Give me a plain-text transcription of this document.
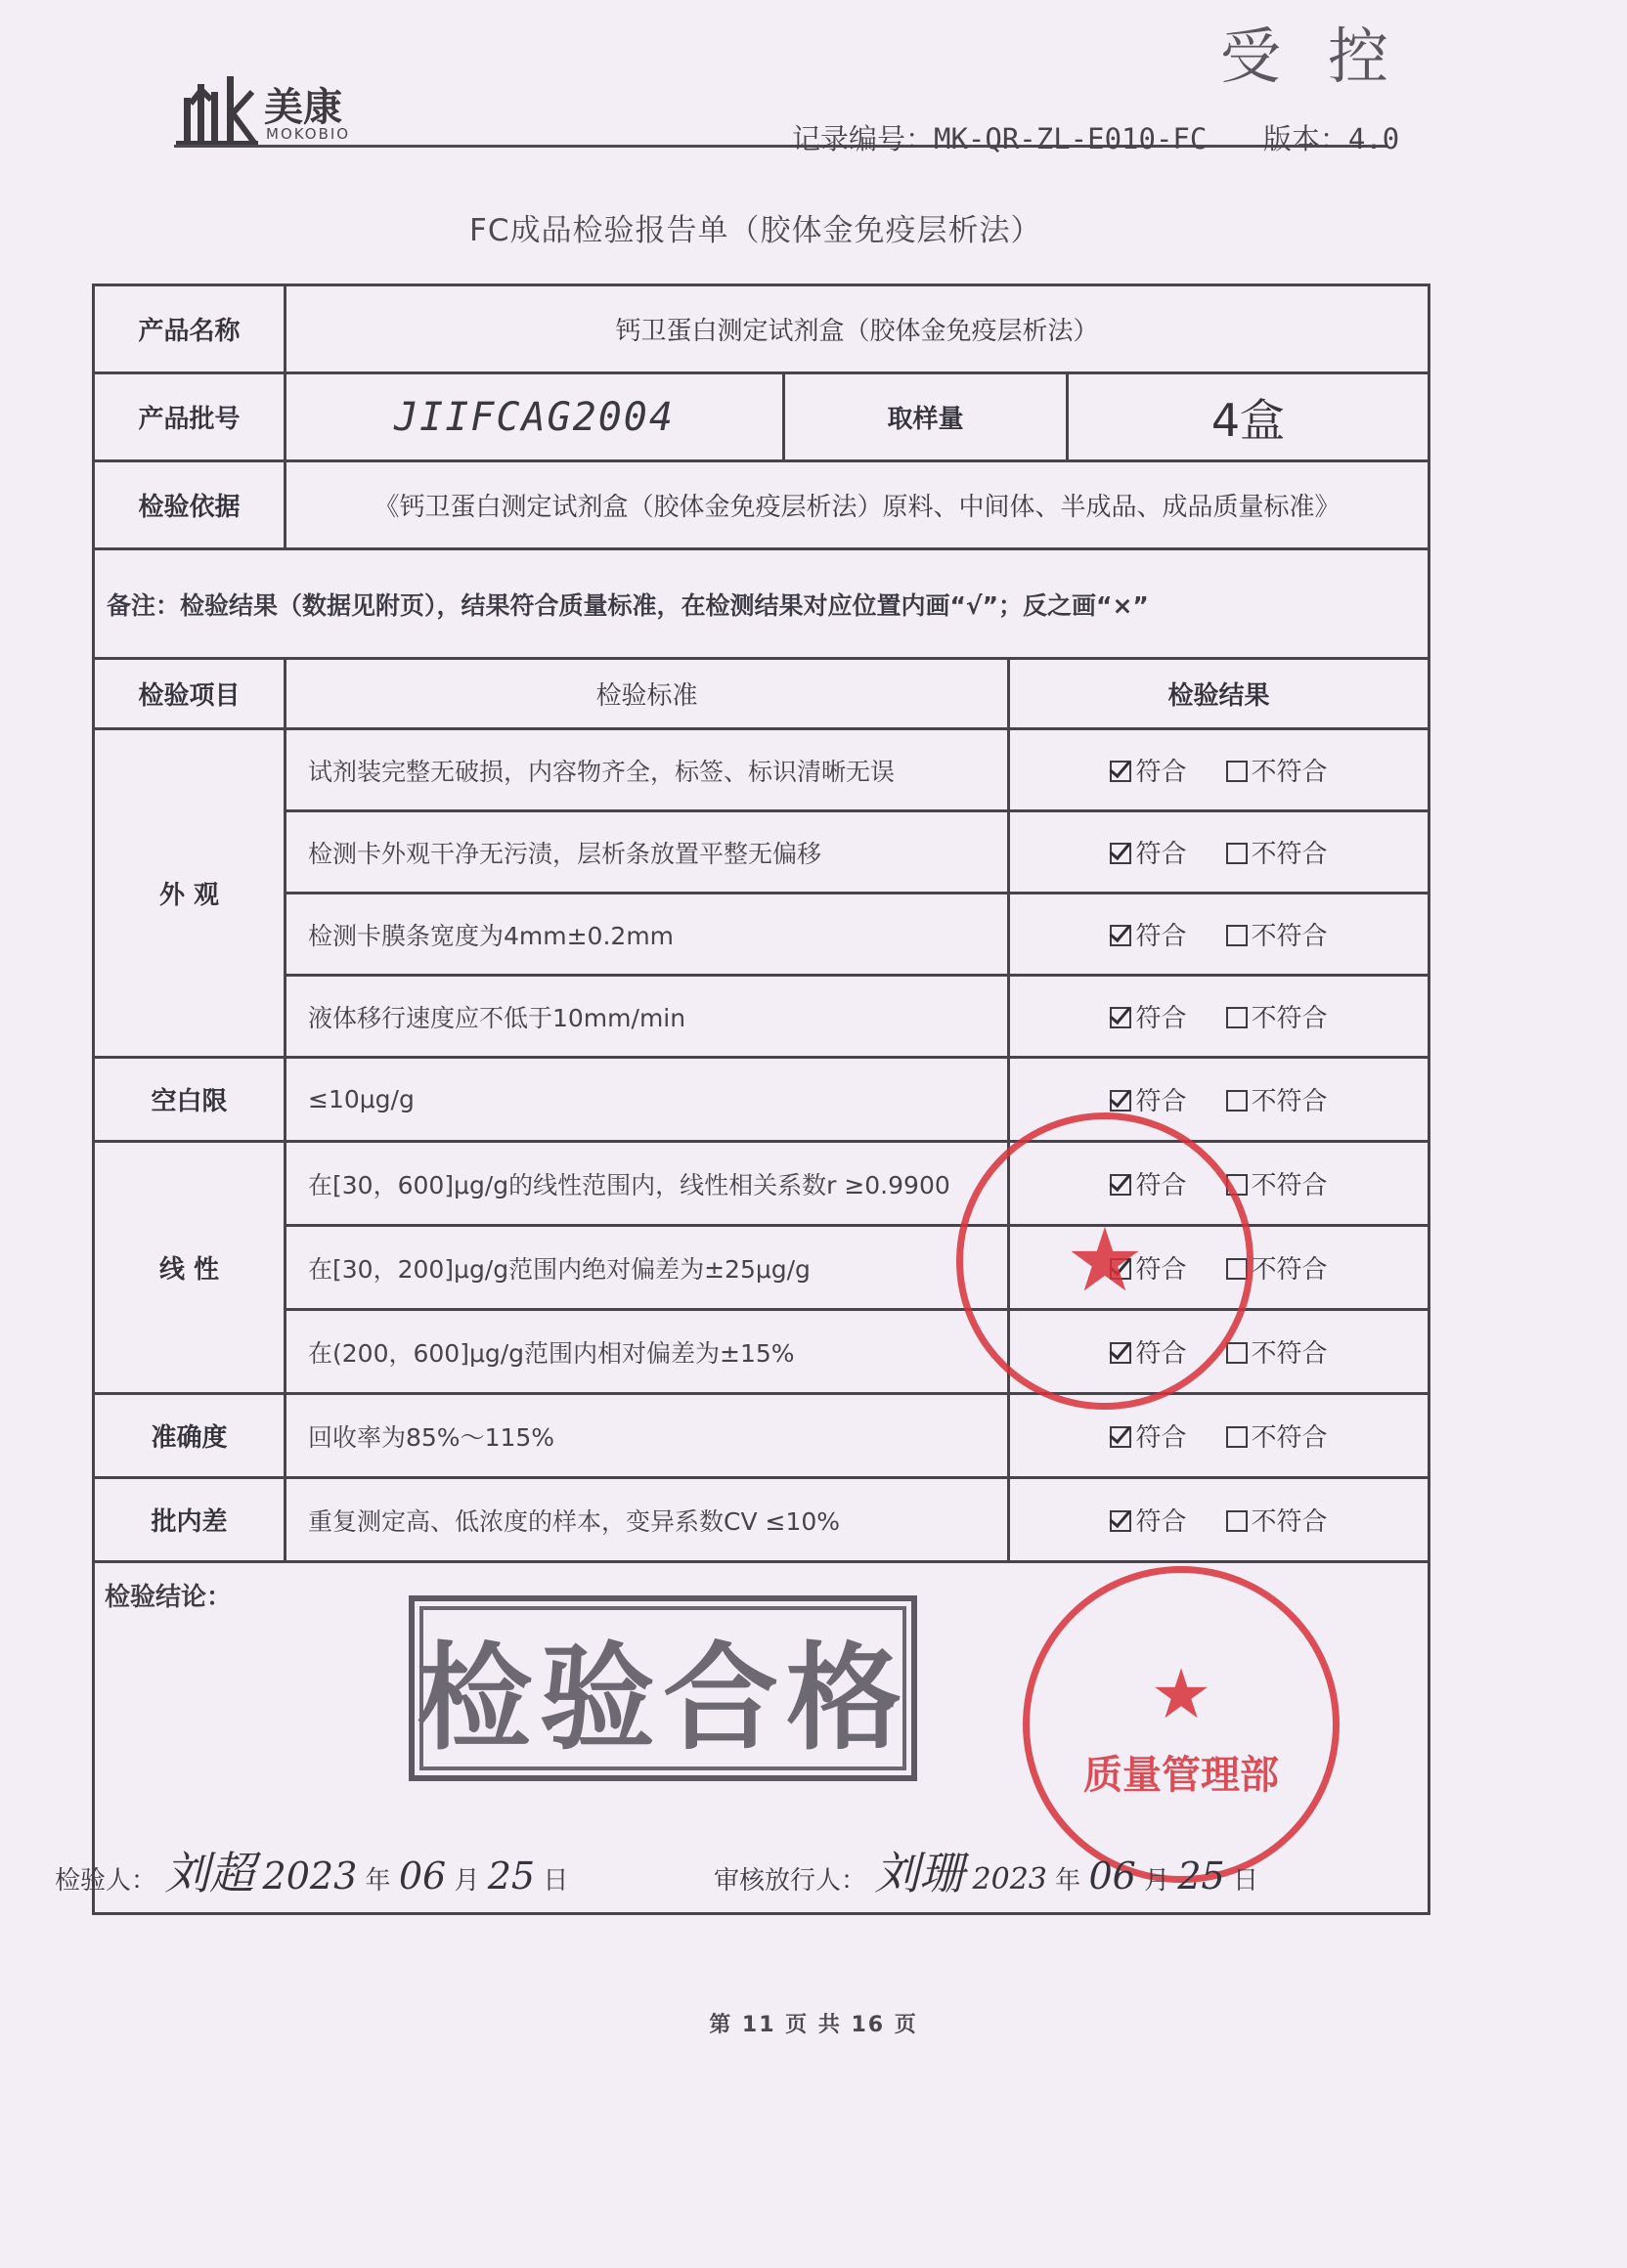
受控
美康
MOKOBIO	记录编号：MK-QR-ZL-E010-FC 版本：4.0
FC成品检验报告单（胶体金免疫层析法）
产品名称	钙卫蛋白测定试剂盒（胶体金免疫层析法）			
产品批号	JIIFCAG2004	取样量		4盒
检验依据	《钙卫蛋白测定试剂盒（胶体金免疫层析法）原料、中间体、半成品、成品质量标准》			
备注：检验结果（数据见附页），结果符合质量标准，在检测结果对应位置内画“√”；反之画“×”				
检验项目	检验标准		检验结果	
外 观	试剂装完整无破损，内容物齐全，标签、标识清晰无误		符合 不符合	
	检测卡外观干净无污渍，层析条放置平整无偏移		符合 不符合	
	检测卡膜条宽度为4mm±0.2mm		符合 不符合	
	液体移行速度应不低于10mm/min		符合 不符合	
空白限	≤10μg/g		符合 不符合	
线 性	在[30，600]μg/g的线性范围内，线性相关系数r ≥0.9900		符合 不符合	
	在[30，200]μg/g范围内绝对偏差为±25μg/g		符合 不符合	
	在(200，600]μg/g范围内相对偏差为±15%		符合 不符合	
准确度	回收率为85%～115%		符合 不符合	
批内差	重复测定高、低浓度的样本，变异系数CV ≤10%		符合 不符合	

检验结论：				
检验合格
★
★
质量管理部
检验人： 刘超 2023 年 06 月 25 日	审核放行人： 刘珊 2023 年 06 月 25 日
第 11 页 共 16 页
